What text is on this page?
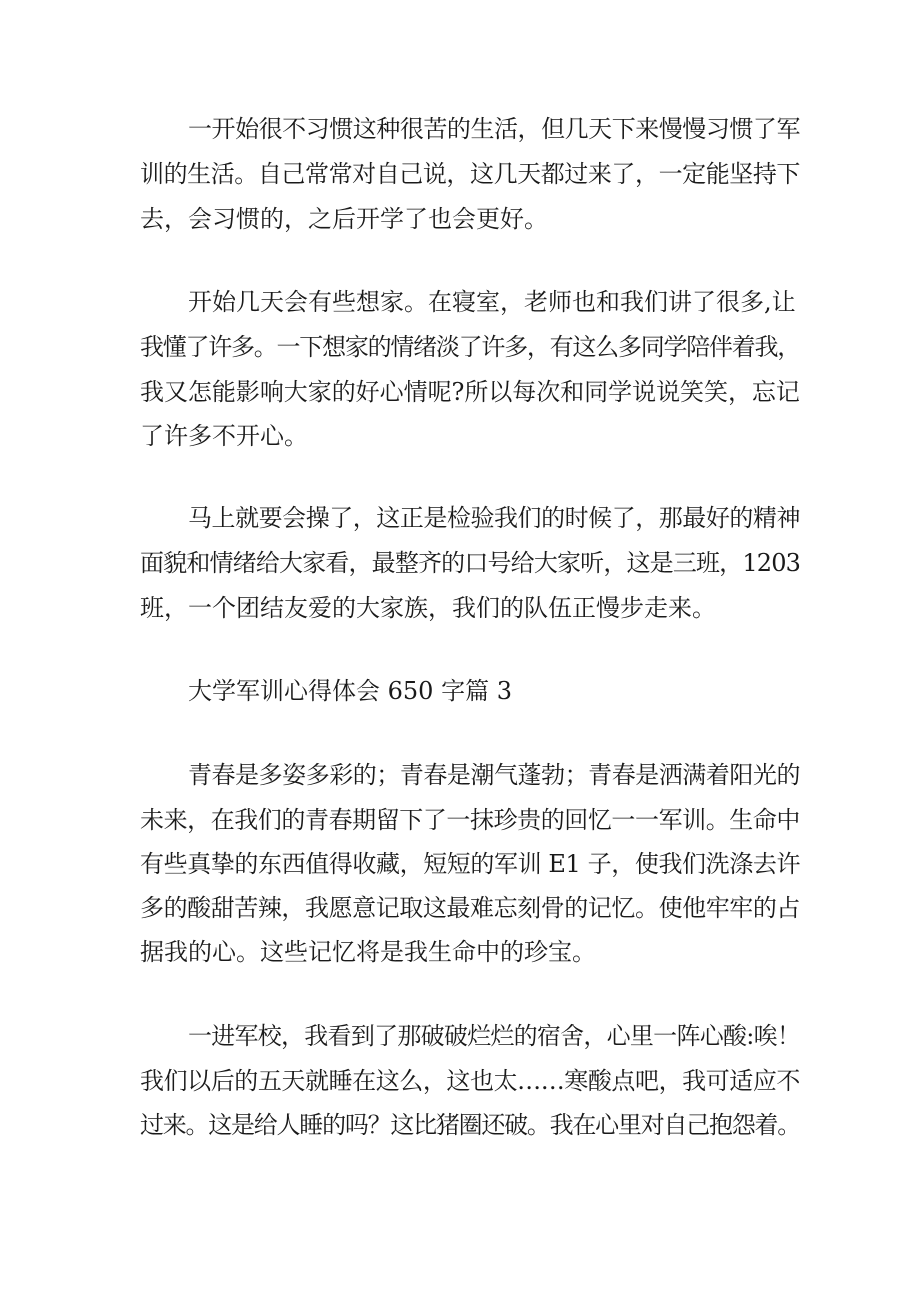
一开始很不习惯这种很苦的生活，但几天下来慢慢习惯了军
训的生活。自己常常对自己说，这几天都过来了，一定能坚持下
去，会习惯的，之后开学了也会更好。
开始几天会有些想家。在寝室，老师也和我们讲了很多,让
我懂了许多。一下想家的情绪淡了许多，有这么多同学陪伴着我，
我又怎能影响大家的好心情呢?所以每次和同学说说笑笑，忘记
了许多不开心。
马上就要会操了，这正是检验我们的时候了，那最好的精神
面貌和情绪给大家看，最整齐的口号给大家听，这是三班，1203
班，一个团结友爱的大家族，我们的队伍正慢步走来。
大学军训心得体会 650 字篇 3
青春是多姿多彩的；青春是潮气蓬勃；青春是洒满着阳光的
未来，在我们的青春期留下了一抹珍贵的回忆一一军训。生命中
有些真挚的东西值得收藏，短短的军训 E1 子，使我们洗涤去许
多的酸甜苦辣，我愿意记取这最难忘刻骨的记忆。使他牢牢的占
据我的心。这些记忆将是我生命中的珍宝。
一进军校，我看到了那破破烂烂的宿舍，心里一阵心酸:唉！
我们以后的五天就睡在这么，这也太……寒酸点吧，我可适应不
过来。这是给人睡的吗？这比猪圈还破。我在心里对自己抱怨着。
